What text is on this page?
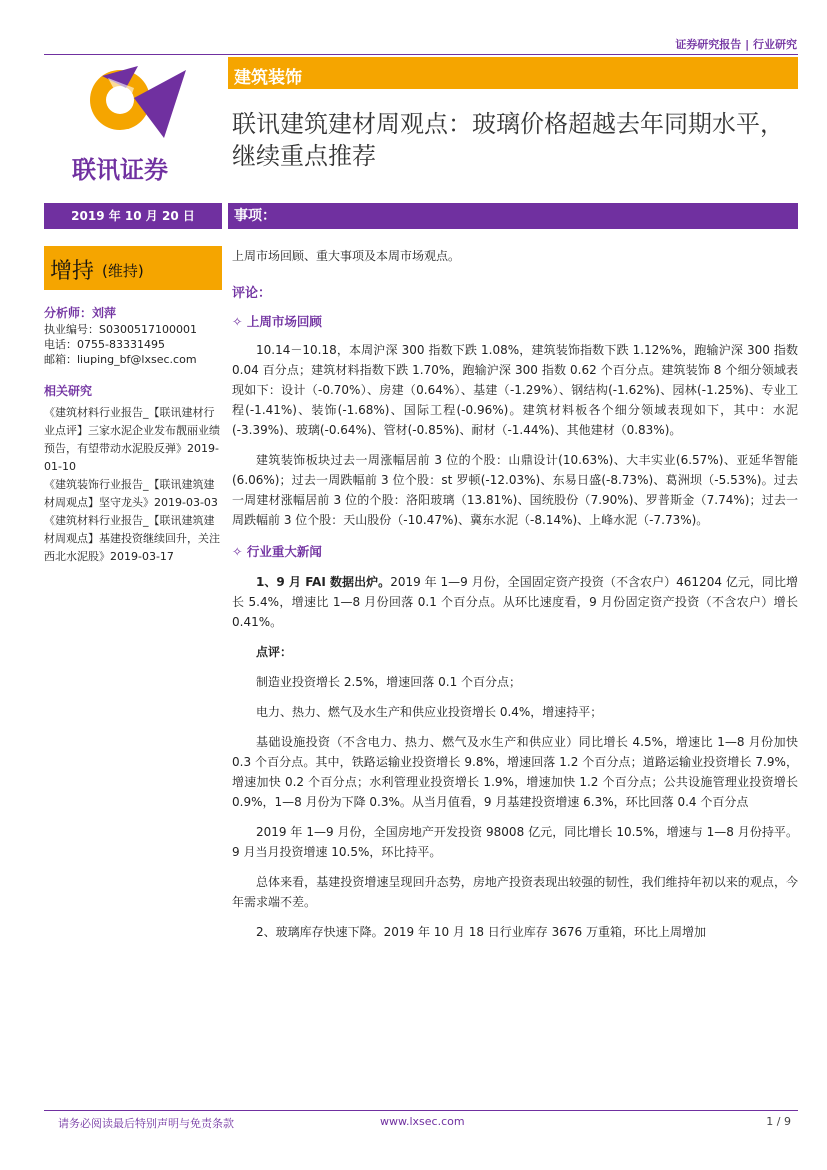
证券研究报告 | 行业研究
联讯证券
建筑装饰
联讯建筑建材周观点：玻璃价格超越去年同期水平，继续重点推荐
2019 年 10 月 20 日	事项：
增持 (维持)
分析师：刘萍
执业编号：S0300517100001
电话：0755-83331495
邮箱：liuping_bf@lxsec.com
相关研究
《建筑材料行业报告_【联讯建材行业点评】三家水泥企业发布靓丽业绩预告，有望带动水泥股反弹》2019-01-10
《建筑装饰行业报告_【联讯建筑建材周观点】坚守龙头》2019-03-03
《建筑材料行业报告_【联讯建筑建材周观点】基建投资继续回升，关注西北水泥股》2019-03-17
上周市场回顾、重大事项及本周市场观点。
评论：
✧ 上周市场回顾

10.14－10.18，本周沪深 300 指数下跌 1.08%，建筑装饰指数下跌 1.12%%，跑输沪深 300 指数 0.04 百分点；建筑材料指数下跌 1.70%，跑输沪深 300 指数 0.62 个百分点。建筑装饰 8 个细分领域表现如下：设计（-0.70%）、房建（0.64%）、基建（-1.29%）、钢结构(-1.62%)、园林(-1.25%)、专业工程(-1.41%)、装饰(-1.68%)、国际工程(-0.96%)。建筑材料板各个细分领域表现如下，其中：水泥(-3.39%)、玻璃(-0.64%)、管材(-0.85%)、耐材（-1.44%)、其他建材（0.83%)。

建筑装饰板块过去一周涨幅居前 3 位的个股：山鼎设计(10.63%)、大丰实业(6.57%)、亚延华智能(6.06%)；过去一周跌幅前 3 位个股：st 罗顿(-12.03%)、东易日盛(-8.73%)、葛洲坝（-5.53%)。过去一周建材涨幅居前 3 位的个股：洛阳玻璃（13.81%)、国统股份（7.90%)、罗普斯金（7.74%)；过去一周跌幅前 3 位个股：天山股份（-10.47%)、冀东水泥（-8.14%)、上峰水泥（-7.73%)。

✧ 行业重大新闻

1、9 月 FAI 数据出炉。2019 年 1—9 月份，全国固定资产投资（不含农户）461204 亿元，同比增长 5.4%，增速比 1—8 月份回落 0.1 个百分点。从环比速度看，9 月份固定资产投资（不含农户）增长 0.41%。

点评：

制造业投资增长 2.5%，增速回落 0.1 个百分点；

电力、热力、燃气及水生产和供应业投资增长 0.4%，增速持平；

基础设施投资（不含电力、热力、燃气及水生产和供应业）同比增长 4.5%，增速比 1—8 月份加快 0.3 个百分点。其中，铁路运输业投资增长 9.8%，增速回落 1.2 个百分点；道路运输业投资增长 7.9%，增速加快 0.2 个百分点；水利管理业投资增长 1.9%，增速加快 1.2 个百分点；公共设施管理业投资增长 0.9%，1—8 月份为下降 0.3%。从当月值看，9 月基建投资增速 6.3%，环比回落 0.4 个百分点

2019 年 1—9 月份，全国房地产开发投资 98008 亿元，同比增长 10.5%，增速与 1—8 月份持平。9 月当月投资增速 10.5%，环比持平。

总体来看，基建投资增速呈现回升态势，房地产投资表现出较强的韧性，我们维持年初以来的观点，今年需求端不差。

2、玻璃库存快速下降。2019 年 10 月 18 日行业库存 3676 万重箱，环比上周增加

请务必阅读最后特别声明与免责条款	www.lxsec.com	1 / 9
